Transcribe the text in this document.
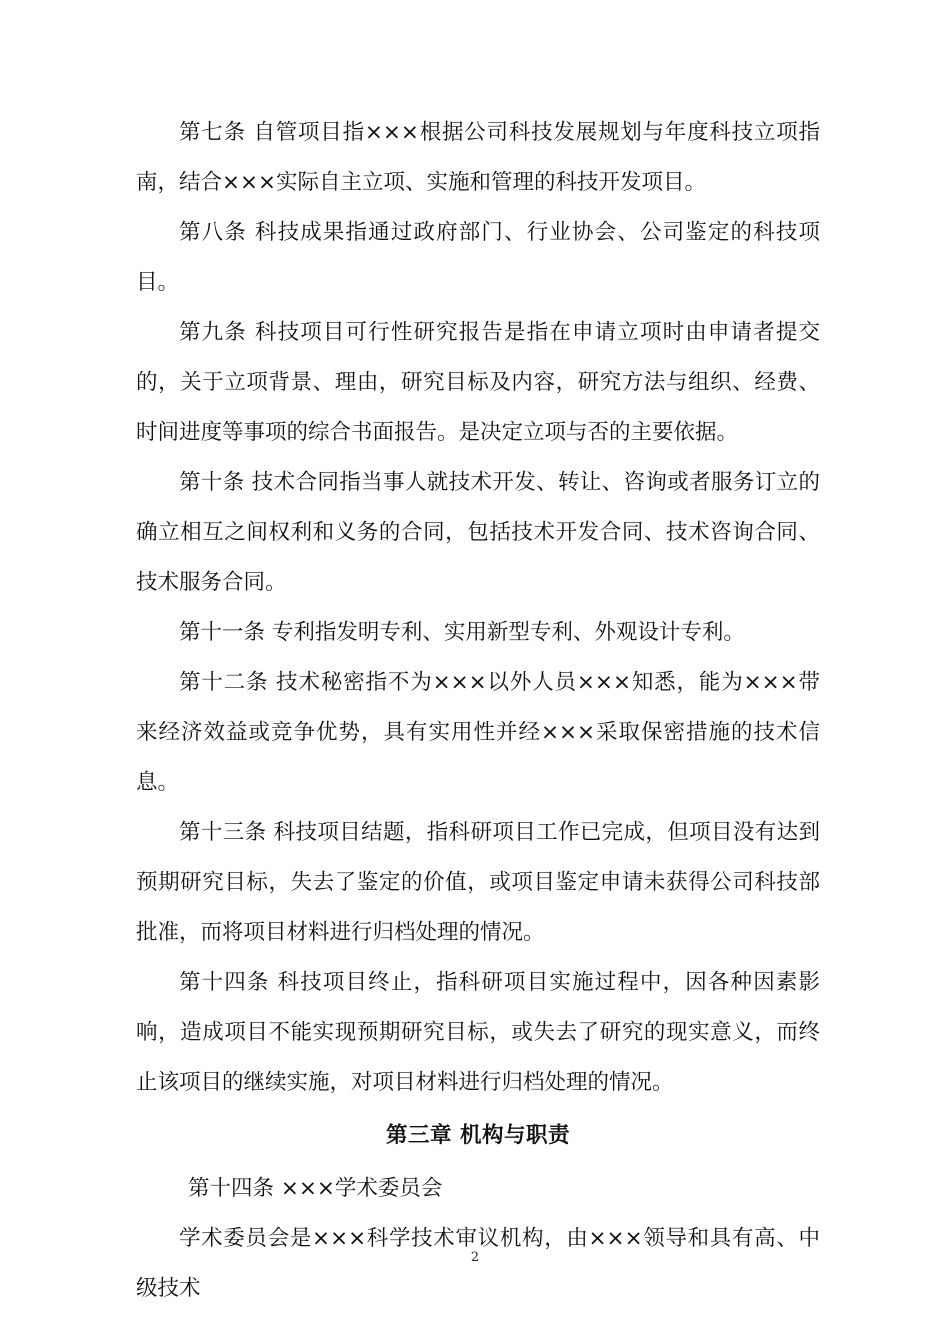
第七条 自管项目指×××根据公司科技发展规划与年度科技立项指南，结合×××实际自主立项、实施和管理的科技开发项目。

第八条 科技成果指通过政府部门、行业协会、公司鉴定的科技项目。

第九条 科技项目可行性研究报告是指在申请立项时由申请者提交的，关于立项背景、理由，研究目标及内容，研究方法与组织、经费、时间进度等事项的综合书面报告。是决定立项与否的主要依据。

第十条 技术合同指当事人就技术开发、转让、咨询或者服务订立的确立相互之间权利和义务的合同，包括技术开发合同、技术咨询合同、技术服务合同。

第十一条 专利指发明专利、实用新型专利、外观设计专利。

第十二条 技术秘密指不为×××以外人员×××知悉，能为×××带来经济效益或竞争优势，具有实用性并经×××采取保密措施的技术信息。

第十三条 科技项目结题，指科研项目工作已完成，但项目没有达到预期研究目标，失去了鉴定的价值，或项目鉴定申请未获得公司科技部批准，而将项目材料进行归档处理的情况。

第十四条 科技项目终止，指科研项目实施过程中，因各种因素影响，造成项目不能实现预期研究目标，或失去了研究的现实意义，而终止该项目的继续实施，对项目材料进行归档处理的情况。

第三章 机构与职责

第十四条 ×××学术委员会

学术委员会是×××科学技术审议机构，由×××领导和具有高、中级技术

2
